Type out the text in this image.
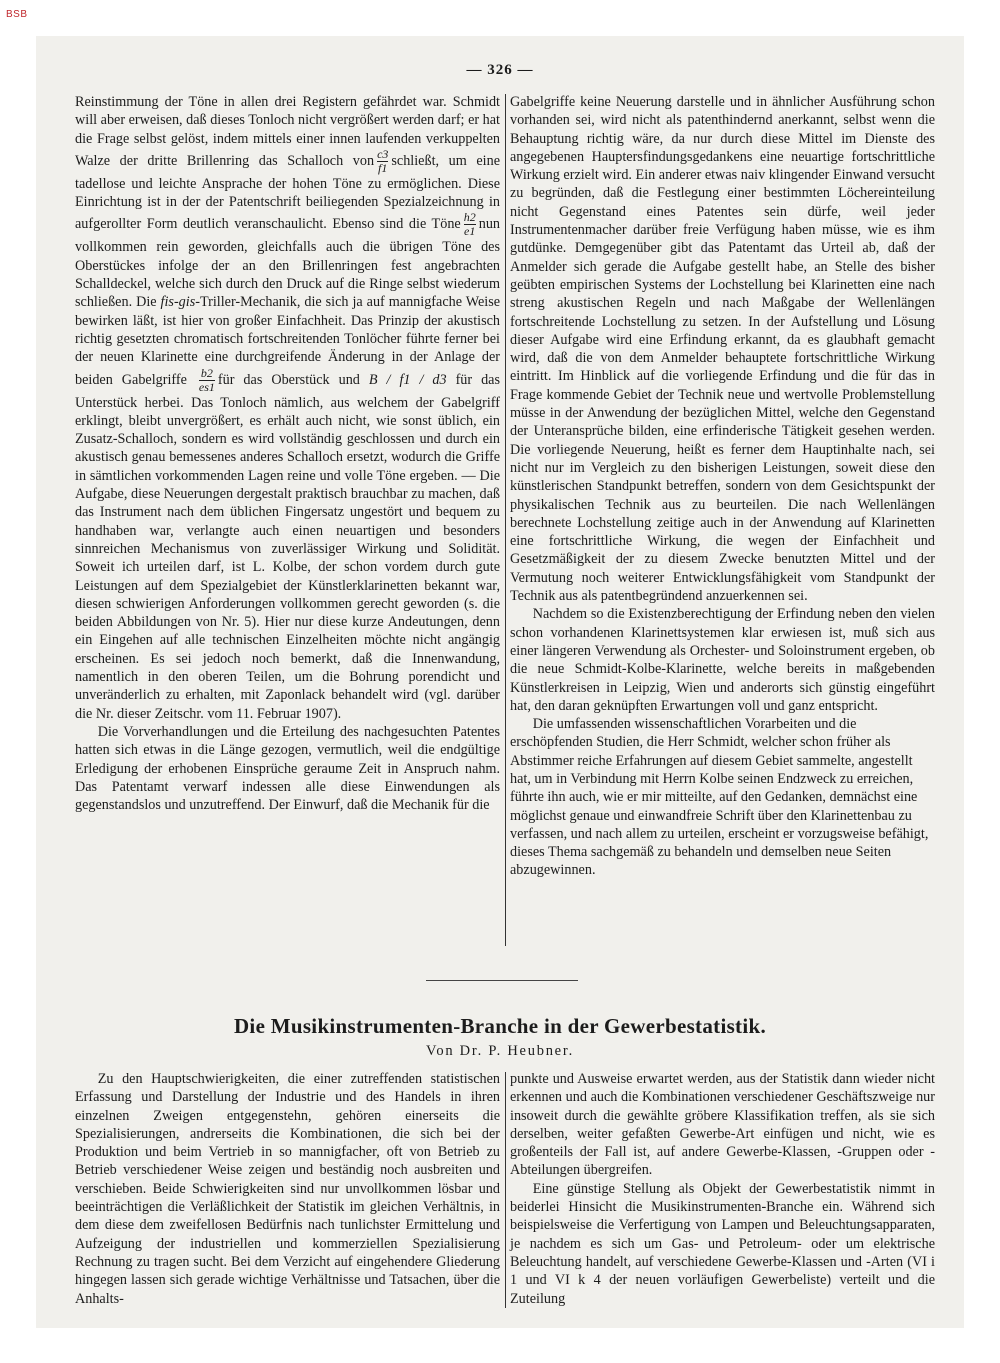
BSB
— 326 —

Reinstimmung der Töne in allen drei Registern gefährdet war. Schmidt will aber erweisen, daß dieses Tonloch nicht vergrößert werden darf; er hat die Frage selbst gelöst, indem mittels einer innen laufenden verkuppelten Walze der dritte Brillenring das Schalloch von $\frac{c3}{f1}$ schließt, um eine tadellose und leichte Ansprache der hohen Töne zu ermöglichen. Diese Einrichtung ist in der der Patentschrift beiliegenden Spezialzeichnung in aufgerollter Form deutlich veranschaulicht. Ebenso sind die Töne $\frac{h2}{e1}$ nun vollkommen rein geworden, gleichfalls auch die übrigen Töne des Oberstückes infolge der an den Brillenringen fest angebrachten Schalldeckel, welche sich durch den Druck auf die Ringe selbst wiederum schließen. Die fis-gis-Triller-Mechanik, die sich ja auf mannigfache Weise bewirken läßt, ist hier von großer Einfachheit. Das Prinzip der akustisch richtig gesetzten chromatisch fortschreitenden Tonlöcher führte ferner bei der neuen Klarinette eine durchgreifende Änderung in der Anlage der beiden Gabelgriffe $\frac{b2}{es1}$ für das Oberstück und B / f1 / d3 für das Unterstück herbei. Das Tonloch nämlich, aus welchem der Gabelgriff erklingt, bleibt unvergrößert, es erhält auch nicht, wie sonst üblich, ein Zusatz-Schalloch, sondern es wird vollständig geschlossen und durch ein akustisch genau bemessenes anderes Schalloch ersetzt, wodurch die Griffe in sämtlichen vorkommenden Lagen reine und volle Töne ergeben. — Die Aufgabe, diese Neuerungen dergestalt praktisch brauchbar zu machen, daß das Instrument nach dem üblichen Fingersatz ungestört und bequem zu handhaben war, verlangte auch einen neuartigen und besonders sinnreichen Mechanismus von zuverlässiger Wirkung und Solidität. Soweit ich urteilen darf, ist L. Kolbe, der schon vordem durch gute Leistungen auf dem Spezialgebiet der Künstlerklarinetten bekannt war, diesen schwierigen Anforderungen vollkommen gerecht geworden (s. die beiden Abbildungen von Nr. 5). Hier nur diese kurze Andeutungen, denn ein Eingehen auf alle technischen Einzelheiten möchte nicht angängig erscheinen. Es sei jedoch noch bemerkt, daß die Innenwandung, namentlich in den oberen Teilen, um die Bohrung porendicht und unveränderlich zu erhalten, mit Zaponlack behandelt wird (vgl. darüber die Nr. dieser Zeitschr. vom 11. Februar 1907).

Die Vorverhandlungen und die Erteilung des nachgesuchten Patentes hatten sich etwas in die Länge gezogen, vermutlich, weil die endgültige Erledigung der erhobenen Einsprüche geraume Zeit in Anspruch nahm. Das Patentamt verwarf indessen alle diese Einwendungen als gegenstandslos und unzutreffend. Der Einwurf, daß die Mechanik für die

Gabelgriffe keine Neuerung darstelle und in ähnlicher Ausführung schon vorhanden sei, wird nicht als patenthindernd anerkannt, selbst wenn die Behauptung richtig wäre, da nur durch diese Mittel im Dienste des angegebenen Hauptersfindungsgedankens eine neuartige fortschrittliche Wirkung erzielt wird. Ein anderer etwas naiv klingender Einwand versucht zu begründen, daß die Festlegung einer bestimmten Löchereinteilung nicht Gegenstand eines Patentes sein dürfe, weil jeder Instrumentenmacher darüber freie Verfügung haben müsse, wie es ihm gutdünke. Demgegenüber gibt das Patentamt das Urteil ab, daß der Anmelder sich gerade die Aufgabe gestellt habe, an Stelle des bisher geübten empirischen Systems der Lochstellung bei Klarinetten eine nach streng akustischen Regeln und nach Maßgabe der Wellenlängen fortschreitende Lochstellung zu setzen. In der Aufstellung und Lösung dieser Aufgabe wird eine Erfindung erkannt, da es glaubhaft gemacht wird, daß die von dem Anmelder behauptete fortschrittliche Wirkung eintritt. Im Hinblick auf die vorliegende Erfindung und die für das in Frage kommende Gebiet der Technik neue und wertvolle Problemstellung müsse in der Anwendung der bezüglichen Mittel, welche den Gegenstand der Unteransprüche bilden, eine erfinderische Tätigkeit gesehen werden. Die vorliegende Neuerung, heißt es ferner dem Hauptinhalte nach, sei nicht nur im Vergleich zu den bisherigen Leistungen, soweit diese den künstlerischen Standpunkt betreffen, sondern von dem Gesichtspunkt der physikalischen Technik aus zu beurteilen. Die nach Wellenlängen berechnete Lochstellung zeitige auch in der Anwendung auf Klarinetten eine fortschrittliche Wirkung, die wegen der Einfachheit und Gesetzmäßigkeit der zu diesem Zwecke benutzten Mittel und der Vermutung noch weiterer Entwicklungsfähigkeit vom Standpunkt der Technik aus als patentbegründend anzuerkennen sei.

Nachdem so die Existenzberechtigung der Erfindung neben den vielen schon vorhandenen Klarinettsystemen klar erwiesen ist, muß sich aus einer längeren Verwendung als Orchester- und Soloinstrument ergeben, ob die neue Schmidt-Kolbe-Klarinette, welche bereits in maßgebenden Künstlerkreisen in Leipzig, Wien und anderorts sich günstig eingeführt hat, den daran geknüpften Erwartungen voll und ganz entspricht.

Die umfassenden wissenschaftlichen Vorarbeiten und die erschöpfenden Studien, die Herr Schmidt, welcher schon früher als Abstimmer reiche Erfahrungen auf diesem Gebiet sammelte, angestellt hat, um in Verbindung mit Herrn Kolbe seinen Endzweck zu erreichen, führte ihn auch, wie er mir mitteilte, auf den Gedanken, demnächst eine möglichst genaue und einwandfreie Schrift über den Klarinettenbau zu verfassen, und nach allem zu urteilen, erscheint er vorzugsweise befähigt, dieses Thema sachgemäß zu behandeln und demselben neue Seiten abzugewinnen.

Die Musikinstrumenten-Branche in der Gewerbestatistik.
Von Dr. P. Heubner.

Zu den Hauptschwierigkeiten, die einer zutreffenden statistischen Erfassung und Darstellung der Industrie und des Handels in ihren einzelnen Zweigen entgegenstehn, gehören einerseits die Spezialisierungen, andrerseits die Kombinationen, die sich bei der Produktion und beim Vertrieb in so mannigfacher, oft von Betrieb zu Betrieb verschiedener Weise zeigen und beständig noch ausbreiten und verschieben. Beide Schwierigkeiten sind nur unvollkommen lösbar und beeinträchtigen die Verläßlichkeit der Statistik im gleichen Verhältnis, in dem diese dem zweifellosen Bedürfnis nach tunlichster Ermittelung und Aufzeigung der industriellen und kommerziellen Spezialisierung Rechnung zu tragen sucht. Bei dem Verzicht auf eingehendere Gliederung hingegen lassen sich gerade wichtige Verhältnisse und Tatsachen, über die Anhalts-

punkte und Ausweise erwartet werden, aus der Statistik dann wieder nicht erkennen und auch die Kombinationen verschiedener Geschäftszweige nur insoweit durch die gewählte gröbere Klassifikation treffen, als sie sich derselben, weiter gefaßten Gewerbe-Art einfügen und nicht, wie es großenteils der Fall ist, auf andere Gewerbe-Klassen, -Gruppen oder -Abteilungen übergreifen.

Eine günstige Stellung als Objekt der Gewerbestatistik nimmt in beiderlei Hinsicht die Musikinstrumenten-Branche ein. Während sich beispielsweise die Verfertigung von Lampen und Beleuchtungsapparaten, je nachdem es sich um Gas- und Petroleum- oder um elektrische Beleuchtung handelt, auf verschiedene Gewerbe-Klassen und -Arten (VI i 1 und VI k 4 der neuen vorläufigen Gewerbeliste) verteilt und die Zuteilung
